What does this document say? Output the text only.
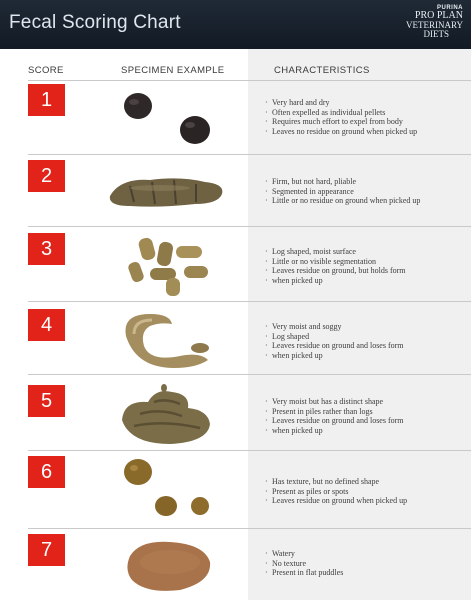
Fecal Scoring Chart
PURINA
PRO PLAN
VETERINARY
DIETS
SCORE	SPECIMEN EXAMPLE	CHARACTERISTICS
1	· Very hard and dry
· Often expelled as individual pellets
· Requires much effort to expel from body
· Leaves no residue on ground when picked up
2	· Firm, but not hard, pliable
· Segmented in appearance
· Little or no residue on ground when picked up
3	· Log shaped, moist surface
· Little or no visible segmentation
· Leaves residue on ground, but holds form
· when picked up
4	· Very moist and soggy
· Log shaped
· Leaves residue on ground and loses form
· when picked up
5	· Very moist but has a distinct shape
· Present in piles rather than logs
· Leaves residue on ground and loses form
· when picked up
6	· Has texture, but no defined shape
· Present as piles or spots
· Leaves residue on ground when picked up
7	· Watery
· No texture
· Present in flat puddles
